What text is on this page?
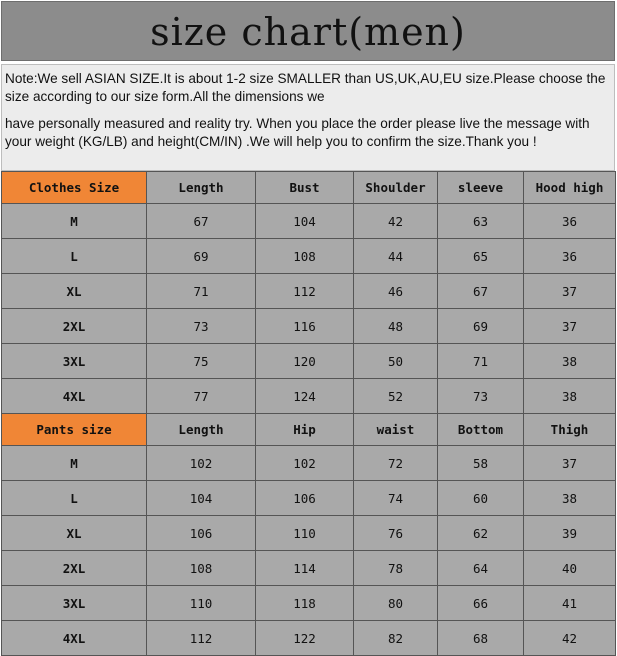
size chart(men)

Note:We sell ASIAN SIZE.It is about 1-2 size SMALLER than US,UK,AU,EU size.Please choose the size according to our size form.All the dimensions we

have personally measured and reality try. When you place the order please live the message with your weight (KG/LB) and height(CM/IN) .We will help you to confirm the size.Thank you !

Clothes Size	Length	Bust	Shoulder	sleeve	Hood high
M	67	104	42	63	36
L	69	108	44	65	36
XL	71	112	46	67	37
2XL	73	116	48	69	37
3XL	75	120	50	71	38
4XL	77	124	52	73	38
Pants size	Length	Hip	waist	Bottom	Thigh
M	102	102	72	58	37
L	104	106	74	60	38
XL	106	110	76	62	39
2XL	108	114	78	64	40
3XL	110	118	80	66	41
4XL	112	122	82	68	42
